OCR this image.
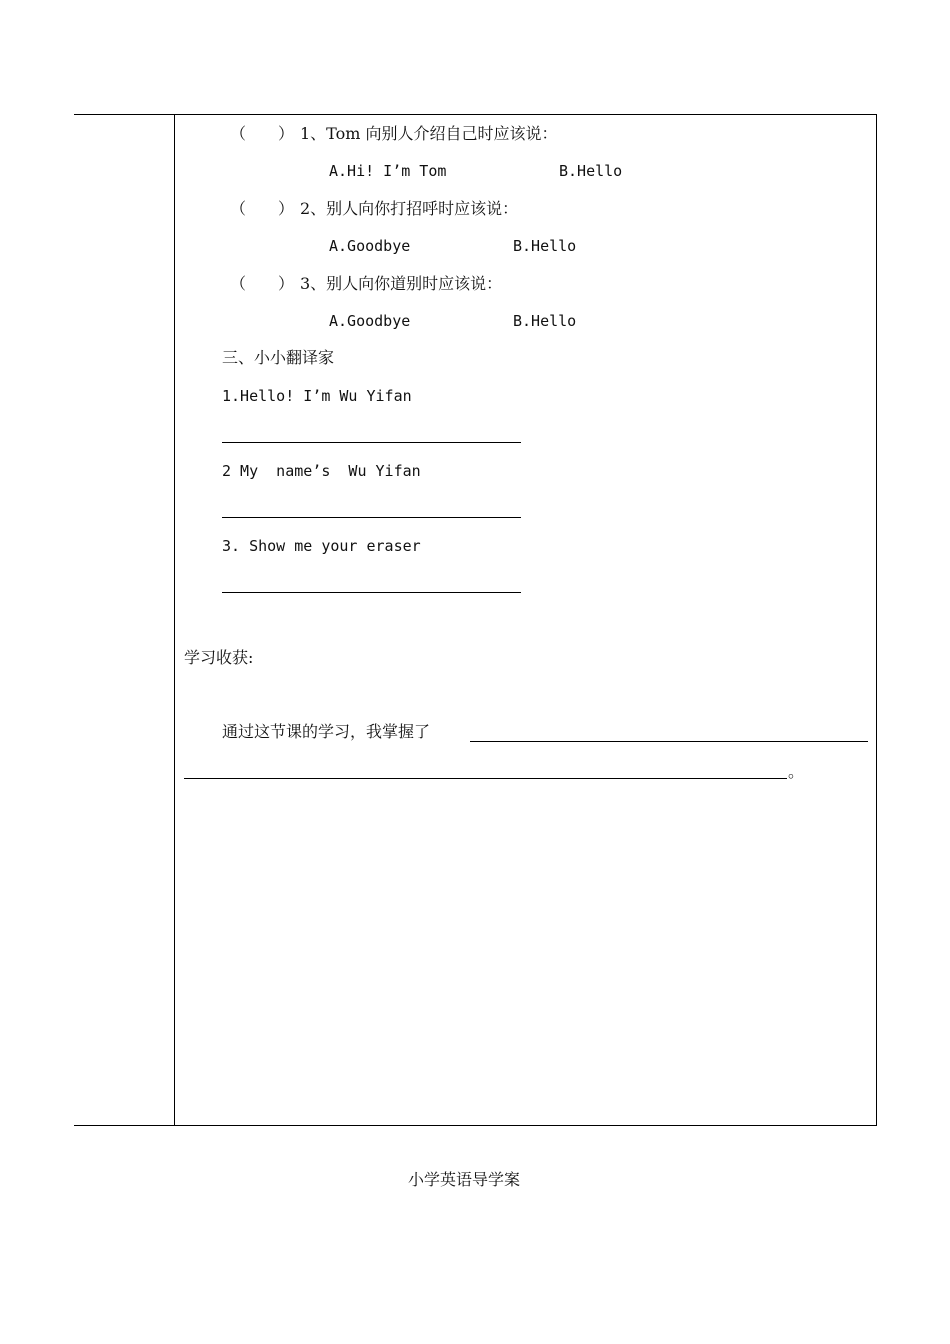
（　　） 1、Tom 向别人介绍自己时应该说：
A.Hi! I’m Tom	B.Hello
（　　） 2、别人向你打招呼时应该说：
A.Goodbye	B.Hello
（　　） 3、别人向你道别时应该说：
A.Goodbye	B.Hello
三、小小翻译家
1.Hello! I’m Wu Yifan
2 My  name’s  Wu Yifan
3. Show me your eraser
学习收获:
通过这节课的学习，我掌握了
。
小学英语导学案
